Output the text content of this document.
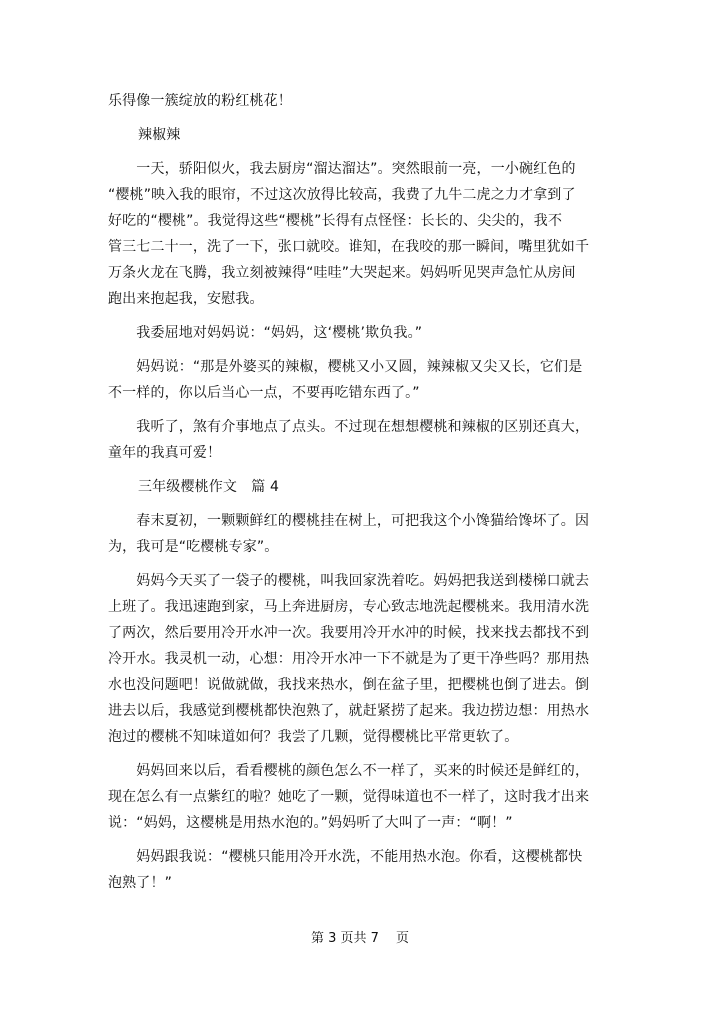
乐得像一簇绽放的粉红桃花！
辣椒辣
　　一天，骄阳似火，我去厨房“溜达溜达”。突然眼前一亮，一小碗红色的
“樱桃”映入我的眼帘，不过这次放得比较高，我费了九牛二虎之力才拿到了
好吃的“樱桃”。我觉得这些“樱桃”长得有点怪怪：长长的、尖尖的，我不
管三七二十一，洗了一下，张口就咬。谁知，在我咬的那一瞬间，嘴里犹如千
万条火龙在飞腾，我立刻被辣得“哇哇”大哭起来。妈妈听见哭声急忙从房间
跑出来抱起我，安慰我。
　　我委屈地对妈妈说：“妈妈，这‘樱桃’欺负我。”
　　妈妈说：“那是外婆买的辣椒，樱桃又小又圆，辣辣椒又尖又长，它们是
不一样的，你以后当心一点，不要再吃错东西了。”
　　我听了，煞有介事地点了点头。不过现在想想樱桃和辣椒的区别还真大，
童年的我真可爱！
三年级樱桃作文　篇 4
　　春末夏初，一颗颗鲜红的樱桃挂在树上，可把我这个小馋猫给馋坏了。因
为，我可是“吃樱桃专家”。
　　妈妈今天买了一袋子的樱桃，叫我回家洗着吃。妈妈把我送到楼梯口就去
上班了。我迅速跑到家，马上奔进厨房，专心致志地洗起樱桃来。我用清水洗
了两次，然后要用冷开水冲一次。我要用冷开水冲的时候，找来找去都找不到
冷开水。我灵机一动，心想：用冷开水冲一下不就是为了更干净些吗？那用热
水也没问题吧！说做就做，我找来热水，倒在盆子里，把樱桃也倒了进去。倒
进去以后，我感觉到樱桃都快泡熟了，就赶紧捞了起来。我边捞边想：用热水
泡过的樱桃不知味道如何？我尝了几颗，觉得樱桃比平常更软了。
　　妈妈回来以后，看看樱桃的颜色怎么不一样了，买来的时候还是鲜红的，
现在怎么有一点紫红的啦？她吃了一颗，觉得味道也不一样了，这时我才出来
说：“妈妈，这樱桃是用热水泡的。”妈妈听了大叫了一声：“啊！”
　　妈妈跟我说：“樱桃只能用冷开水洗，不能用热水泡。你看，这樱桃都快
泡熟了！”
第 3 页共 7　 页
